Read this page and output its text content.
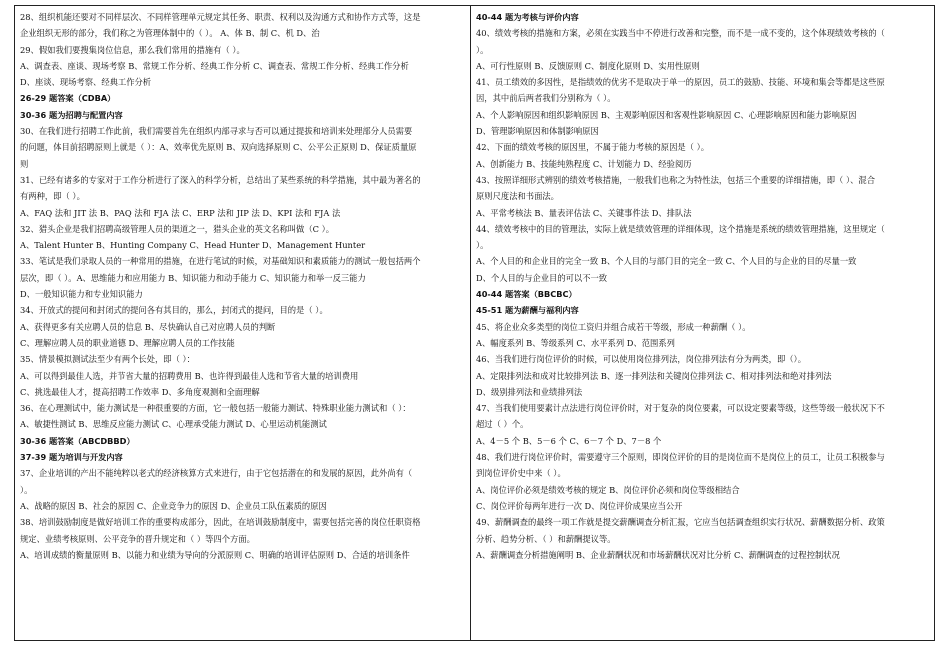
28、组织机能还要对不同样层次、不同样管理单元规定其任务、职责、权利以及沟通方式和协作方式等，这是
企业组织无形的部分，我们称之为管理体制中的（ ）。 A、体 B、制 C、机 D、治
29、假如我们要搜集岗位信息，那么我们常用的措施有（ ）。
A、调查表、座谈、现场考察 B、常规工作分析、经典工作分析 C、调查表、常规工作分析、经典工作分析
D、座谈、现场考察、经典工作分析
26-29 题答案（CDBA）
30-36 题为招聘与配置内容
30、在我们进行招聘工作此前，我们需要首先在组织内部寻求与否可以通过提拔和培训来处理部分人员需要
的问题，体目前招聘原则上就是（ ）：A、效率优先原则 B、双向选择原则 C、公平公正原则 D、保证质量原
则
31、已经有诸多的专家对于工作分析进行了深入的科学分析，总结出了某些系统的科学措施，其中最为著名的
有两种，即（ ）。
A、FAQ 法和 JIT 法 B、PAQ 法和 FJA 法 C、ERP 法和 JIP 法 D、KPI 法和 FJA 法
32、猎头企业是我们招聘高级管理人员的渠道之一，猎头企业的英文名称叫做（C ）。
A、Talent Hunter B、Hunting Company C、Head Hunter D、Management Hunter
33、笔试是我们录取人员的一种常用的措施，在进行笔试的时候，对基础知识和素质能力的测试一般包括两个
层次，即（ ）。A、思维能力和应用能力 B、知识能力和动手能力 C、知识能力和举一反三能力
D、一般知识能力和专业知识能力
34、开放式的提问和封闭式的提问各有其目的，那么，封闭式的提问，目的是（ ）。
A、获得更多有关应聘人员的信息 B、尽快确认自己对应聘人员的判断
C、理解应聘人员的职业道德 D、理解应聘人员的工作技能
35、情景模拟测试法至少有两个长处，即（ ）：
A、可以得到最佳人选，并节省大量的招聘费用 B、也许得到最佳人选和节省大量的培训费用
C、挑选最佳人才，提高招聘工作效率 D、多角度观测和全面理解
36、在心理测试中，能力测试是一种很重要的方面，它一般包括一般能力测试、特殊职业能力测试和（ ）：
A、敏捷性测试 B、思维反应能力测试 C、心理承受能力测试 D、心里运动机能测试
30-36 题答案（ABCDBBD）
37-39 题为培训与开发内容
37、企业培训的产出不能纯粹以老式的经济核算方式来进行，由于它包括潜在的和发展的原因，此外尚有（
）。
A、战略的原因 B、社会的原因 C、企业竞争力的原因 D、企业员工队伍素质的原因
38、培训鼓励制度是做好培训工作的重要构成部分，因此，在培训鼓励制度中，需要包括完善的岗位任职资格
规定、业绩考核原则、公平竞争的晋升规定和（ ）等四个方面。
A、培训成绩的衡量原则 B、以能力和业绩为导向的分派原则 C、明确的培训评估原则 D、合适的培训条件
40-44 题为考核与评价内容
40、绩效考核的措施和方案，必须在实践当中不停进行改善和完整，而不是一成不变的，这个体现绩效考核的（
）。
A、可行性原则 B、反馈原则 C、制度化原则 D、实用性原则
41、员工绩效的多因性，是指绩效的优劣不是取决于单一的原因，员工的鼓励、技能、环境和集会等都是这些原
因，其中前后两者我们分别称为（ ）。
A、个人影响原因和组织影响原因 B、主观影响原因和客观性影响原因 C、心理影响原因和能力影响原因
D、管理影响原因和体制影响原因
42、下面的绩效考核的原因里，不属于能力考核的原因是（ ）。
A、创新能力 B、技能纯熟程度 C、计划能力 D、经验阅历
43、按照详细形式辨别的绩效考核措施，一般我们也称之为特性法，包括三个重要的详细措施，即（ ）、混合
原则尺度法和书面法。
A、平常考核法 B、量表评估法 C、关键事件法 D、排队法
44、绩效考核中的目的管理法，实际上就是绩效管理的详细体现，这个措施是系统的绩效管理措施，这里规定（
）。
A、个人目的和企业目的完全一致 B、个人目的与部门目的完全一致 C、个人目的与企业的目的尽量一致
D、个人目的与企业目的可以不一致
40-44 题答案（BBCBC）
45-51 题为薪酬与福利内容
45、将企业众多类型的岗位工资归并组合成若干等级，形成一种薪酬（ ）。
A、幅度系列 B、等级系列 C、水平系列 D、范围系列
46、当我们进行岗位评价的时候，可以使用岗位排列法，岗位排列法有分为两类，即（）。
A、定限排列法和成对比较排列法 B、逐一排列法和关键岗位排列法 C、相对排列法和绝对排列法
D、级别排列法和业绩排列法
47、当我们使用要素计点法进行岗位评价时，对于复杂的岗位要素，可以设定要素等级，这些等级一般状况下不
超过（ ）个。
A、4－5 个 B、5－6 个 C、6－7 个 D、7－8 个
48、我们进行岗位评价时，需要遵守三个原则，即岗位评价的目的是岗位而不是岗位上的员工，让员工积极参与
到岗位评价史中来（ ）。
A、岗位评价必须是绩效考核的规定 B、岗位评价必须和岗位等级相结合
C、岗位评价每两年进行一次 D、岗位评价成果应当公开
49、薪酬调查的最终一项工作就是提交薪酬调查分析汇报，它应当包括调查组织实行状况、薪酬数据分析、政策
分析、趋势分析、（ ）和薪酬提议等。
A、薪酬调查分析措施阐明 B、企业薪酬状况和市场薪酬状况对比分析 C、薪酬调查的过程控制状况
